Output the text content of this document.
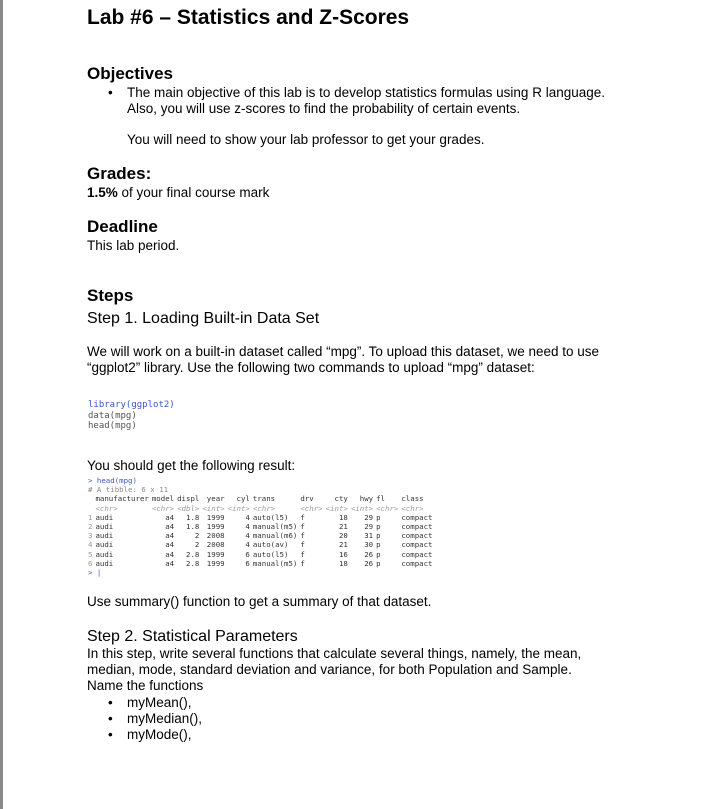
Lab #6 – Statistics and Z-Scores
Objectives
• The main objective of this lab is to develop statistics formulas using R language.
Also, you will use z-scores to find the probability of certain events.
You will need to show your lab professor to get your grades.
Grades:
1.5% of your final course mark
Deadline
This lab period.
Steps
Step 1. Loading Built-in Data Set
We will work on a built-in dataset called “mpg”. To upload this dataset, we need to use
“ggplot2” library. Use the following two commands to upload “mpg” dataset:
library(ggplot2)
data(mpg)
head(mpg)
You should get the following result:
> head(mpg)
# A tibble: 6 x 11
	manufacturer	model	displ	year	cyl	trans	drv	cty	hwy	fl	class
	<chr>	<chr>	<dbl>	<int>	<int>	<chr>	<chr>	<int>	<int>	<chr>	<chr>
1	audi	a4	1.8	1999	4	auto(l5)	f	18	29	p	compact
2	audi	a4	1.8	1999	4	manual(m5)	f	21	29	p	compact
3	audi	a4	2	2008	4	manual(m6)	f	20	31	p	compact
4	audi	a4	2	2008	4	auto(av)	f	21	30	p	compact
5	audi	a4	2.8	1999	6	auto(l5)	f	16	26	p	compact
6	audi	a4	2.8	1999	6	manual(m5)	f	18	26	p	compact
> |
Use summary() function to get a summary of that dataset.
Step 2. Statistical Parameters
In this step, write several functions that calculate several things, namely, the mean,
median, mode, standard deviation and variance, for both Population and Sample.
Name the functions
• myMean(),
• myMedian(),
• myMode(),
